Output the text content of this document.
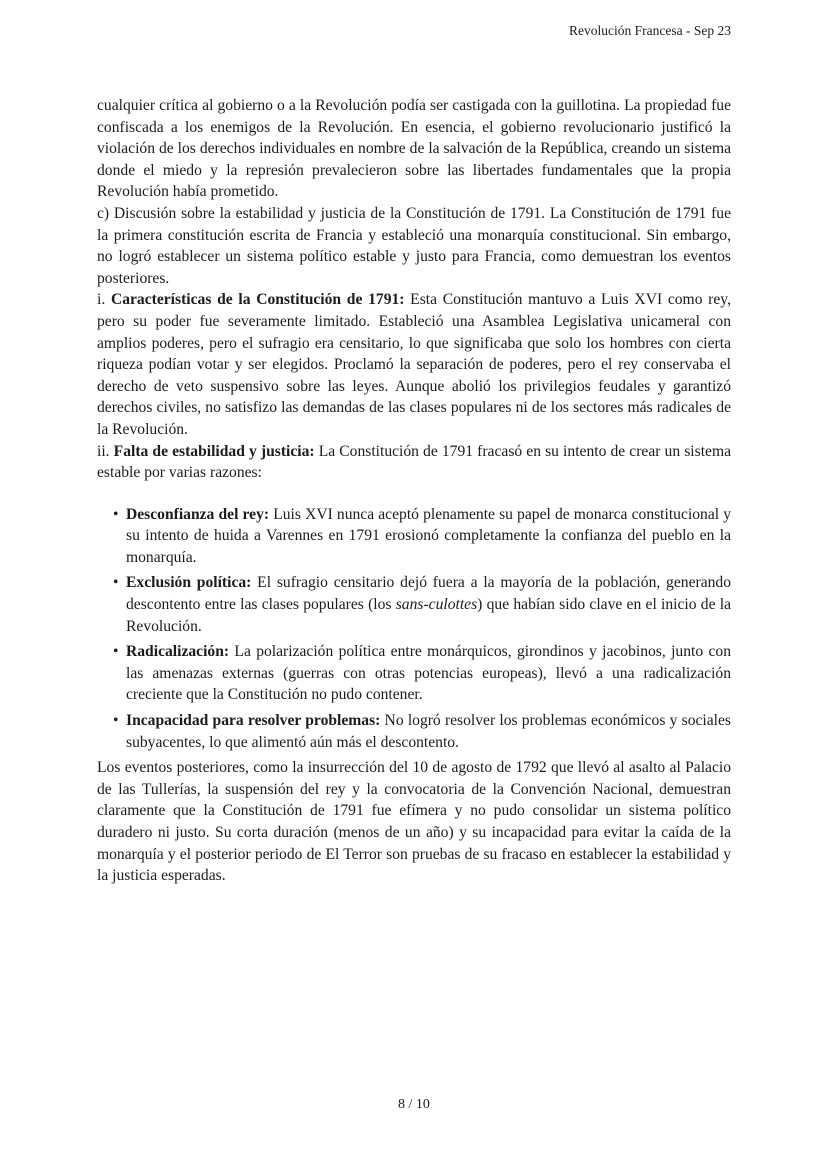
Revolución Francesa - Sep 23

cualquier crítica al gobierno o a la Revolución podía ser castigada con la guillotina. La propiedad fue confiscada a los enemigos de la Revolución. En esencia, el gobierno revolucionario justificó la violación de los derechos individuales en nombre de la salvación de la República, creando un sistema donde el miedo y la represión prevalecieron sobre las libertades fundamentales que la propia Revolución había prometido.

c) Discusión sobre la estabilidad y justicia de la Constitución de 1791. La Constitución de 1791 fue la primera constitución escrita de Francia y estableció una monarquía constitucional. Sin embargo, no logró establecer un sistema político estable y justo para Francia, como demuestran los eventos posteriores.

i. Características de la Constitución de 1791: Esta Constitución mantuvo a Luis XVI como rey, pero su poder fue severamente limitado. Estableció una Asamblea Legislativa unicameral con amplios poderes, pero el sufragio era censitario, lo que significaba que solo los hombres con cierta riqueza podían votar y ser elegidos. Proclamó la separación de poderes, pero el rey conservaba el derecho de veto suspensivo sobre las leyes. Aunque abolió los privilegios feudales y garantizó derechos civiles, no satisfizo las demandas de las clases populares ni de los sectores más radicales de la Revolución.

ii. Falta de estabilidad y justicia: La Constitución de 1791 fracasó en su intento de crear un sistema estable por varias razones:

• Desconfianza del rey: Luis XVI nunca aceptó plenamente su papel de monarca constitucional y su intento de huida a Varennes en 1791 erosionó completamente la confianza del pueblo en la monarquía.

• Exclusión política: El sufragio censitario dejó fuera a la mayoría de la población, generando descontento entre las clases populares (los sans-culottes) que habían sido clave en el inicio de la Revolución.

• Radicalización: La polarización política entre monárquicos, girondinos y jacobinos, junto con las amenazas externas (guerras con otras potencias europeas), llevó a una radicalización creciente que la Constitución no pudo contener.

• Incapacidad para resolver problemas: No logró resolver los problemas económicos y sociales subyacentes, lo que alimentó aún más el descontento.

Los eventos posteriores, como la insurrección del 10 de agosto de 1792 que llevó al asalto al Palacio de las Tullerías, la suspensión del rey y la convocatoria de la Convención Nacional, demuestran claramente que la Constitución de 1791 fue efímera y no pudo consolidar un sistema político duradero ni justo. Su corta duración (menos de un año) y su incapacidad para evitar la caída de la monarquía y el posterior periodo de El Terror son pruebas de su fracaso en establecer la estabilidad y la justicia esperadas.

8 / 10
